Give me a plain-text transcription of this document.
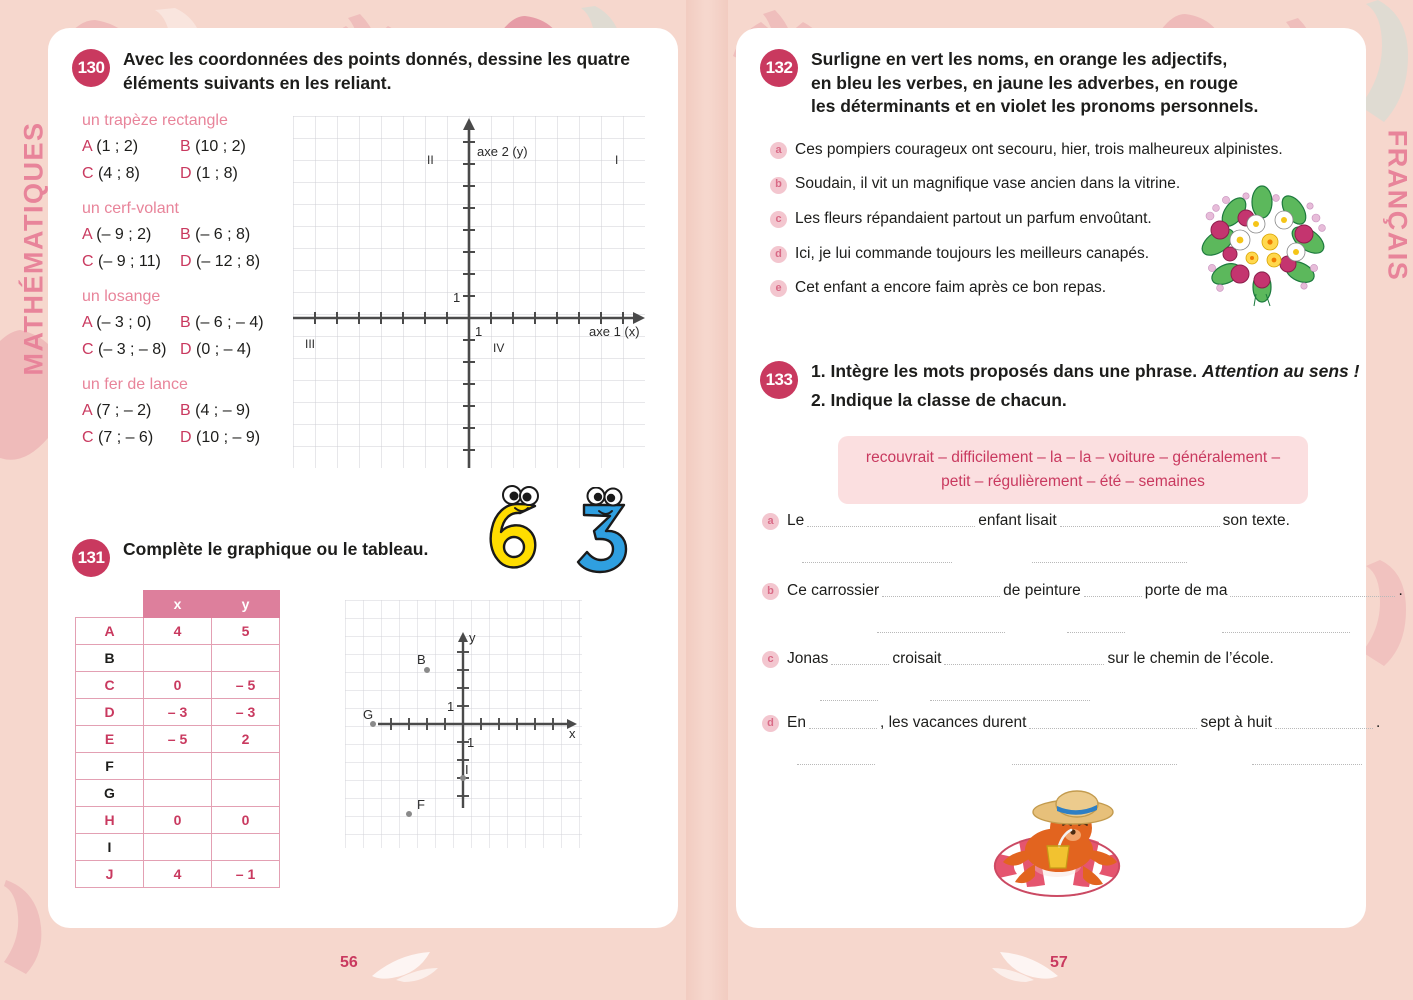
MATHÉMATIQUES	FRANÇAIS
130	Avec les coordonnées des points donnés, dessine les quatre
éléments suivants en les reliant.
un trapèze rectangle
A (1 ; 2)	B (10 ; 2)
C (4 ; 8)	D (1 ; 8)
un cerf-volant
A (– 9 ; 2)	B (– 6 ; 8)
C (– 9 ; 11)	D (– 12 ; 8)
un losange
A (– 3 ; 0)	B (– 6 ; – 4)
C (– 3 ; – 8) D (0 ; – 4)
un fer de lance
A (7 ; – 2)	B (4 ; – 9)
C (7 ; – 6)	D (10 ; – 9)
axe 2 (y)
axe 1 (x)
1
1
II	I
III	IV
131	Complète le graphique ou le tableau.
	x	y
A	4	5
B		
C	0	– 5
D	– 3	– 3
E	– 5	2
F		
G		
H	0	0
I		
J	4	– 1
y
x
1
1
B
G
F
I
132	Surligne en vert les noms, en orange les adjectifs,
en bleu les verbes, en jaune les adverbes, en rouge
les déterminants et en violet les pronoms personnels.
a Ces pompiers courageux ont secouru, hier, trois malheureux alpinistes.
b Soudain, il vit un magnifique vase ancien dans la vitrine.
c Les fleurs répandaient partout un parfum envoûtant.
d Ici, je lui commande toujours les meilleurs canapés.
e Cet enfant a encore faim après ce bon repas.
133	1. Intègre les mots proposés dans une phrase. Attention au sens !
2. Indique la classe de chacun.
recouvrait – difficilement – la – la – voiture – généralement –
petit – régulièrement – été – semaines
a Le	enfant lisait	son texte.
b Ce carrossier	de peinture	porte de ma	.
c Jonas	croisait	sur le chemin de l’école.
d En	, les vacances durent	sept à huit	.
56	57
